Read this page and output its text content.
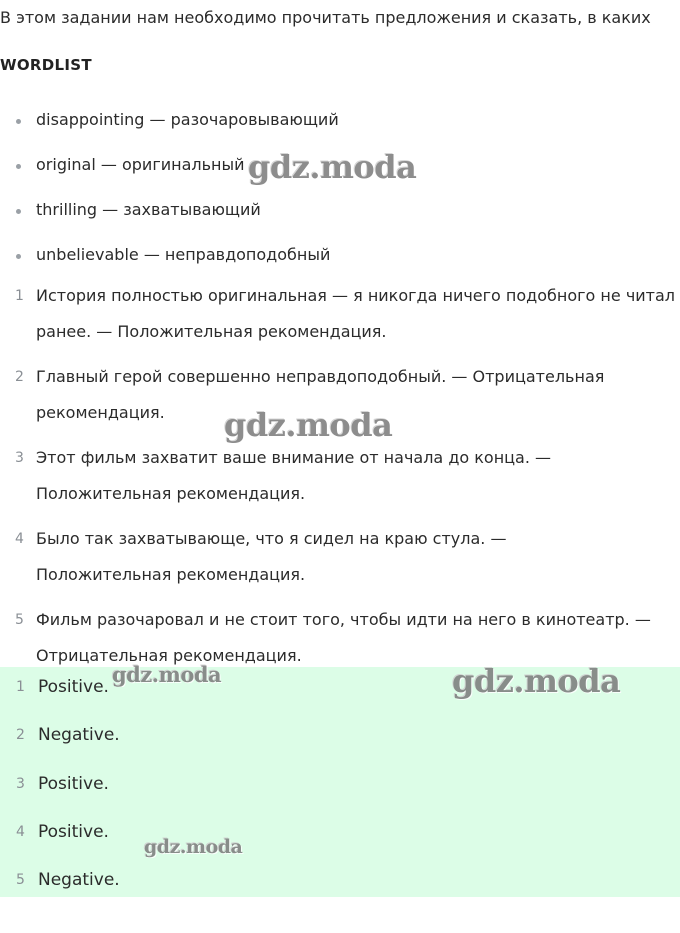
В этом задании нам необходимо прочитать предложения и сказать, в каких
WORDLIST
disappointing — разочаровывающий
original — оригинальный
thrilling — захватывающий
unbelievable — неправдоподобный
1 История полностью оригинальная — я никогда ничего подобного не читал ранее. — Положительная рекомендация.
2 Главный герой совершенно неправдоподобный. — Отрицательная рекомендация.
3 Этот фильм захватит ваше внимание от начала до конца. — Положительная рекомендация.
4 Было так захватывающе, что я сидел на краю стула. — Положительная рекомендация.
5 Фильм разочаровал и не стоит того, чтобы идти на него в кинотеатр. — Отрицательная рекомендация.
1 Positive.
2 Negative.
3 Positive.
4 Positive.
5 Negative.
gdz.moda
gdz.moda
gdz.moda	gdz.moda
gdz.moda
